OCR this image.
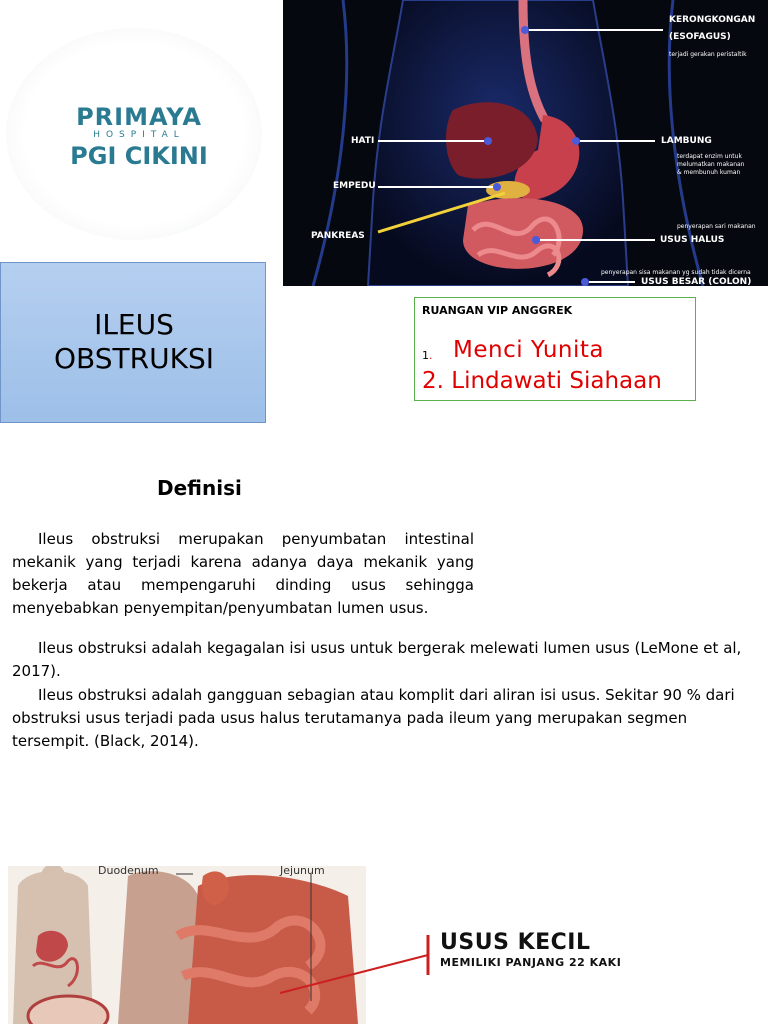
PRIMAYA
HOSPITAL
PGI CIKINI
KERONGKONGAN
(ESOFAGUS)
terjadi gerakan peristaltik
HATI
EMPEDU
PANKREAS
LAMBUNG
terdapat enzim untuk
melumatkan makanan
& membunuh kuman
penyerapan sari makanan
USUS HALUS
penyerapan sisa makanan yg sudah tidak dicerna
USUS BESAR (COLON)
ILEUS
OBSTRUKSI
RUANGAN VIP ANGGREK
1. Menci Yunita
2. Lindawati Siahaan
Definisi
Ileus obstruksi merupakan penyumbatan intestinal mekanik yang terjadi karena adanya daya mekanik yang bekerja atau mempengaruhi dinding usus sehingga menyebabkan penyempitan/penyumbatan lumen usus.
Ileus obstruksi adalah kegagalan isi usus untuk bergerak melewati lumen usus (LeMone et al, 2017).
Ileus obstruksi adalah gangguan sebagian atau komplit dari aliran isi usus. Sekitar 90 % dari obstruksi usus terjadi pada usus halus terutamanya pada ileum yang merupakan segmen tersempit. (Black, 2014).
Duodenum	Jejunum
USUS KECIL
MEMILIKI PANJANG 22 KAKI
